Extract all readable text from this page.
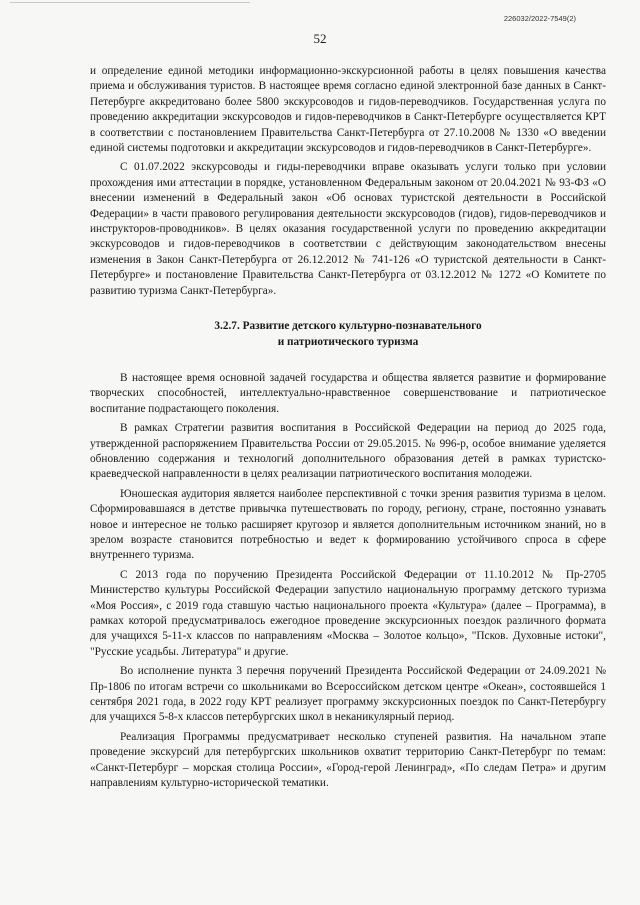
226032/2022-7549(2)
52

и определение единой методики информационно-экскурсионной работы в целях повышения качества приема и обслуживания туристов. В настоящее время согласно единой электронной базе данных в Санкт-Петербурге аккредитовано более 5800 экскурсоводов и гидов-переводчиков. Государственная услуга по проведению аккредитации экскурсоводов и гидов-переводчиков в Санкт-Петербурге осуществляется КРТ в соответствии с постановлением Правительства Санкт-Петербурга от 27.10.2008 № 1330 «О введении единой системы подготовки и аккредитации экскурсоводов и гидов-переводчиков в Санкт-Петербурге».

С 01.07.2022 экскурсоводы и гиды-переводчики вправе оказывать услуги только при условии прохождения ими аттестации в порядке, установленном Федеральным законом от 20.04.2021 № 93-ФЗ «О внесении изменений в Федеральный закон «Об основах туристской деятельности в Российской Федерации» в части правового регулирования деятельности экскурсоводов (гидов), гидов-переводчиков и инструкторов-проводников». В целях оказания государственной услуги по проведению аккредитации экскурсоводов и гидов-переводчиков в соответствии с действующим законодательством внесены изменения в Закон Санкт-Петербурга от 26.12.2012 № 741-126 «О туристской деятельности в Санкт-Петербурге» и постановление Правительства Санкт-Петербурга от 03.12.2012 № 1272 «О Комитете по развитию туризма Санкт-Петербурга».

3.2.7. Развитие детского культурно-познавательного
и патриотического туризма

В настоящее время основной задачей государства и общества является развитие и формирование творческих способностей, интеллектуально-нравственное совершенствование и патриотическое воспитание подрастающего поколения.

В рамках Стратегии развития воспитания в Российской Федерации на период до 2025 года, утвержденной распоряжением Правительства России от 29.05.2015. № 996-р, особое внимание уделяется обновлению содержания и технологий дополнительного образования детей в рамках туристско-краеведческой направленности в целях реализации патриотического воспитания молодежи.

Юношеская аудитория является наиболее перспективной с точки зрения развития туризма в целом. Сформировавшаяся в детстве привычка путешествовать по городу, региону, стране, постоянно узнавать новое и интересное не только расширяет кругозор и является дополнительным источником знаний, но в зрелом возрасте становится потребностью и ведет к формированию устойчивого спроса в сфере внутреннего туризма.

С 2013 года по поручению Президента Российской Федерации от 11.10.2012 № Пр-2705 Министерство культуры Российской Федерации запустило национальную программу детского туризма «Моя Россия», с 2019 года ставшую частью национального проекта «Культура» (далее – Программа), в рамках которой предусматривалось ежегодное проведение экскурсионных поездок различного формата для учащихся 5-11-х классов по направлениям «Москва – Золотое кольцо», "Псков. Духовные истоки", "Русские усадьбы. Литература" и другие.

Во исполнение пункта 3 перечня поручений Президента Российской Федерации от 24.09.2021 № Пр-1806 по итогам встречи со школьниками во Всероссийском детском центре «Океан», состоявшейся 1 сентября 2021 года, в 2022 году КРТ реализует программу экскурсионных поездок по Санкт-Петербургу для учащихся 5-8-х классов петербургских школ в неканикулярный период.

Реализация Программы предусматривает несколько ступеней развития. На начальном этапе проведение экскурсий для петербургских школьников охватит территорию Санкт-Петербург по темам: «Санкт-Петербург – морская столица России», «Город-герой Ленинград», «По следам Петра» и другим направлениям культурно-исторической тематики.
